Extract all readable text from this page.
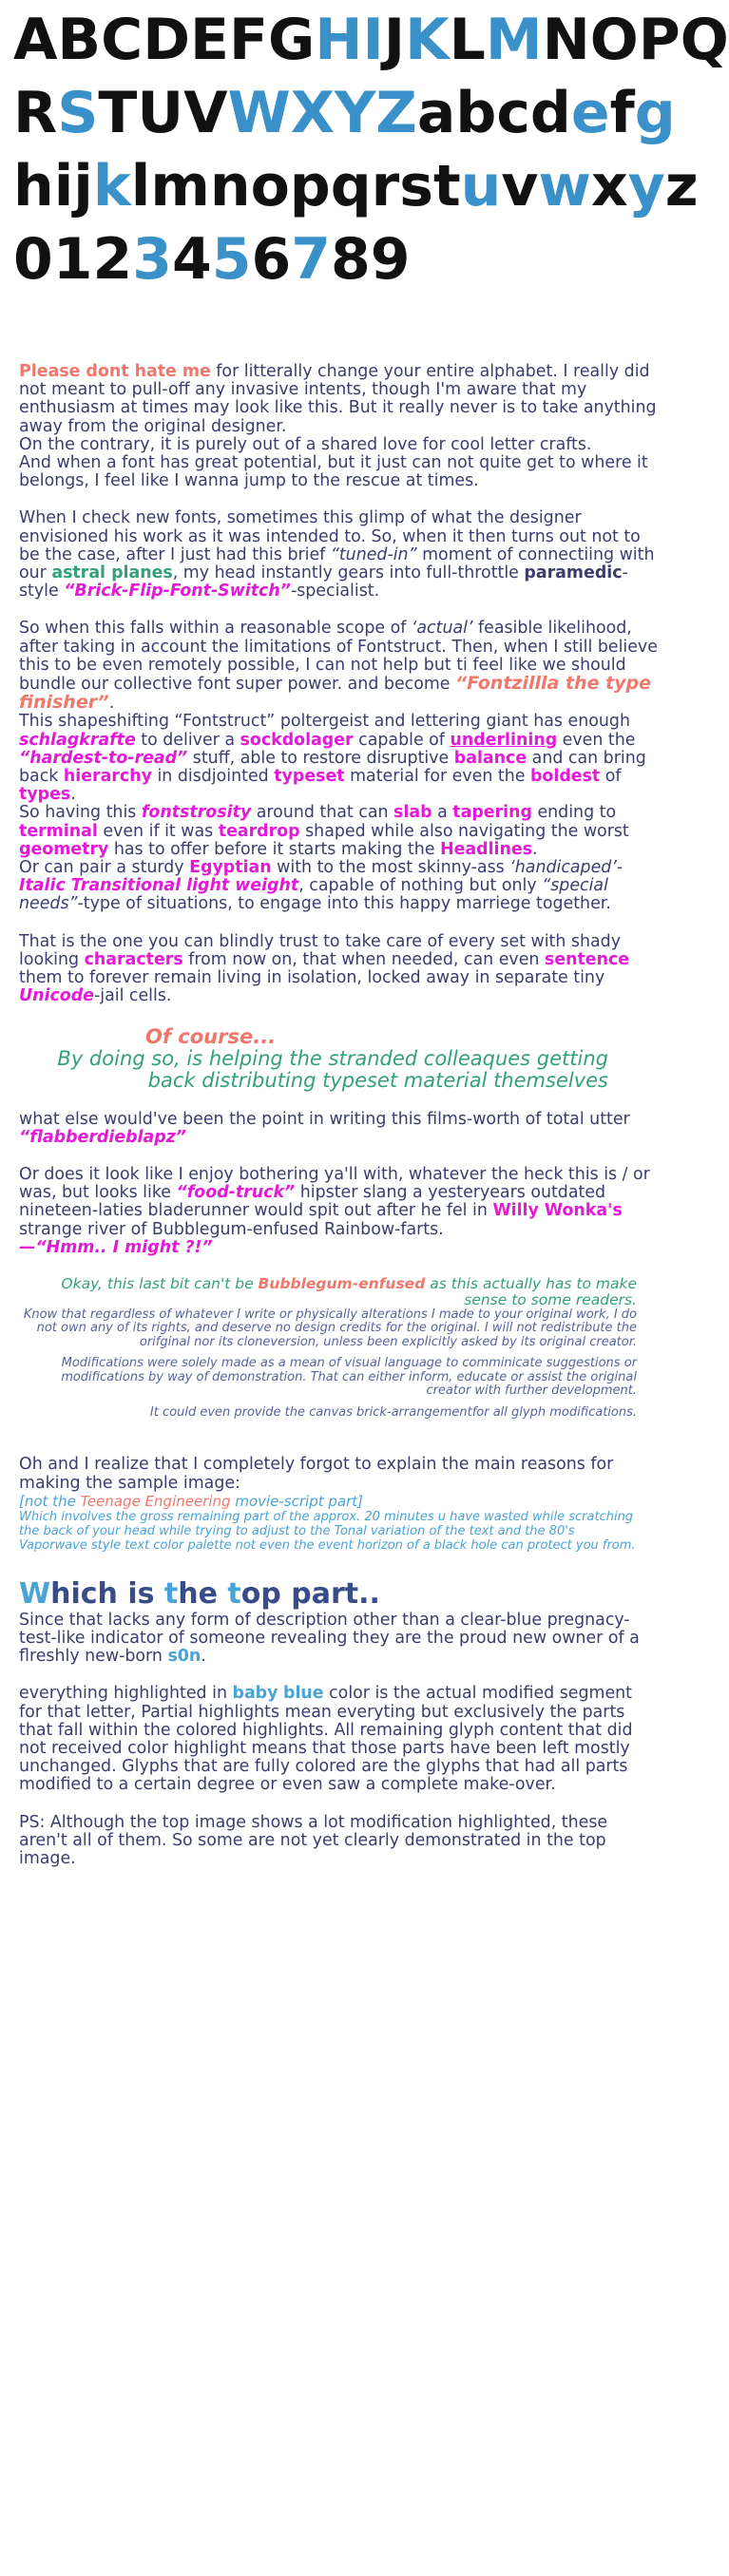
ABCDEFGHIJKLMNOPQ
RSTUVWXYZabcdefg
hijklmnopqrstuvwxyz
0123456789

Please dont hate me for litterally change your entire alphabet. I really did not meant to pull-off any invasive intents, though I'm aware that my enthusiasm at times may look like this. But it really never is to take anything away from the original designer.

On the contrary, it is purely out of a shared love for cool letter crafts.

And when a font has great potential, but it just can not quite get to where it belongs, I feel like I wanna jump to the rescue at times.

When I check new fonts, sometimes this glimp of what the designer envisioned his work as it was intended to. So, when it then turns out not to be the case, after I just had this brief “tuned-in” moment of connectiing with our astral planes, my head instantly gears into full-throttle paramedic-style “Brick-Flip-Font-Switch”-specialist.

So when this falls within a reasonable scope of ‘actual’ feasible likelihood, after taking in account the limitations of Fontstruct. Then, when I still believe this to be even remotely possible, I can not help but ti feel like we should bundle our collective font super power. and become “Fontzillla the type finisher”.

This shapeshifting “Fontstruct” poltergeist and lettering giant has enough schlagkrafte to deliver a sockdolager capable of underlining even the “hardest-to-read” stuff, able to restore disruptive balance and can bring back hierarchy in disdjointed typeset material for even the boldest of types.

So having this fontstrosity around that can slab a tapering ending to terminal even if it was teardrop shaped while also navigating the worst geometry has to offer before it starts making the Headlines.

Or can pair a sturdy Egyptian with to the most skinny-ass ‘handicaped’-Italic Transitional light weight, capable of nothing but only “special needs”-type of situations, to engage into this happy marriege together.

That is the one you can blindly trust to take care of every set with shady looking characters from now on, that when needed, can even sentence them to forever remain living in isolation, locked away in separate tiny Unicode-jail cells.

Of course...

By doing so, is helping the stranded colleaques getting back distributing typeset material themselves

what else would've been the point in writing this films-worth of total utter “flabberdieblapz”

Or does it look like I enjoy bothering ya'll with, whatever the heck this is / or was, but looks like “food-truck” hipster slang a yesteryears outdated nineteen-laties bladerunner would spit out after he fel in Willy Wonka's strange river of Bubblegum-enfused Rainbow-farts.

—“Hmm.. I might ?!”

Okay, this last bit can't be Bubblegum-enfused as this actually has to make sense to some readers.

Know that regardless of whatever I write or physically alterations I made to your original work, I do not own any of its rights, and deserve no design credits for the original. I will not redistribute the orifginal nor its cloneversion, unless been explicitly asked by its original creator.

Modifications were solely made as a mean of visual language to comminicate suggestions or modifications by way of demonstration. That can either inform, educate or assist the original creator with further development.

It could even provide the canvas brick-arrangementfor all glyph modifications.

Oh and I realize that I completely forgot to explain the main reasons for making the sample image:

[not the Teenage Engineering movie-script part]

Which involves the gross remaining part of the approx. 20 minutes u have wasted while scratching the back of your head while trying to adjust to the Tonal variation of the text and the 80's Vaporwave style text color palette not even the event horizon of a black hole can protect you from.

Which is the top part..

Since that lacks any form of description other than a clear-blue pregnacy-test-like indicator of someone revealing they are the proud new owner of a flreshly new-born s0n.

everything highlighted in baby blue color is the actual modified segment for that letter, Partial highlights mean everyting but exclusively the parts that fall within the colored highlights. All remaining glyph content that did not received color highlight means that those parts have been left mostly unchanged. Glyphs that are fully colored are the glyphs that had all parts modified to a certain degree or even saw a complete make-over.

PS: Although the top image shows a lot modification highlighted, these aren't all of them. So some are not yet clearly demonstrated in the top image.
